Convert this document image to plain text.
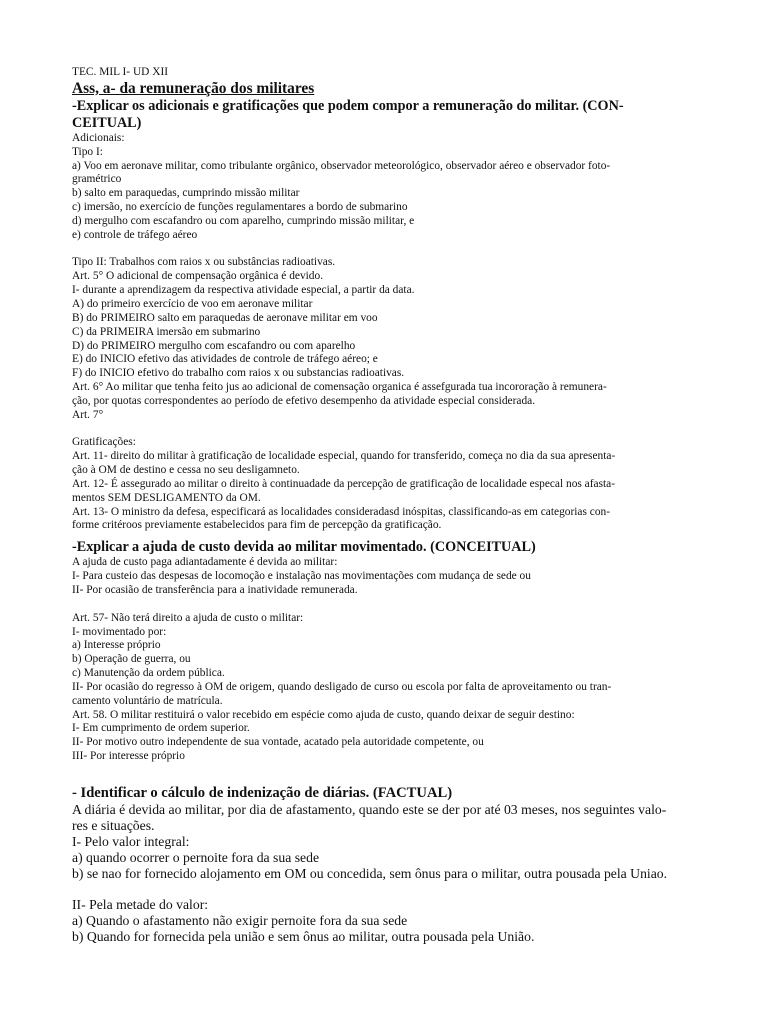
TEC. MIL I- UD XII
Ass, a- da remuneração dos militares
-Explicar os adicionais e gratificações que podem compor a remuneração do militar. (CON-
CEITUAL)
Adicionais:
Tipo I:
a) Voo em aeronave militar, como tribulante orgânico, observador meteorológico, observador aéreo e observador foto-
gramétrico
b) salto em paraquedas, cumprindo missão militar
c) imersão, no exercício de funções regulamentares a bordo de submarino
d) mergulho com escafandro ou com aparelho, cumprindo missão militar, e
e) controle de tráfego aéreo
Tipo II: Trabalhos com raios x ou substâncias radioativas.
Art. 5° O adicional de compensação orgânica é devido.
I- durante a aprendizagem da respectiva atividade especial, a partir da data.
A) do primeiro exercício de voo em aeronave militar
B) do PRIMEIRO salto em paraquedas de aeronave militar em voo
C) da PRIMEIRA imersão em submarino
D) do PRIMEIRO mergulho com escafandro ou com aparelho
E) do INICIO efetivo das atividades de controle de tráfego aéreo; e
F) do INICIO efetivo do trabalho com raios x ou substancias radioativas.
Art. 6° Ao militar que tenha feito jus ao adicional de comensação organica é assefgurada tua incororação à remunera-
ção, por quotas correspondentes ao período de efetivo desempenho da atividade especial considerada.
Art. 7°
Gratificações:
Art. 11- direito do militar à gratificação de localidade especial, quando for transferido, começa no dia da sua apresenta-
ção à OM de destino e cessa no seu desligamneto.
Art. 12- É assegurado ao militar o direito à continuadade da percepção de gratificação de localidade especal nos afasta-
mentos SEM DESLIGAMENTO da OM.
Art. 13- O ministro da defesa, especificará as localidades consideradasd inóspitas, classificando-as em categorias con-
forme critéroos previamente estabelecidos para fim de percepção da gratificação.
-Explicar a ajuda de custo devida ao militar movimentado. (CONCEITUAL)
A ajuda de custo paga adiantadamente é devida ao militar:
I- Para custeio das despesas de locomoção e instalação nas movimentações com mudança de sede ou
II- Por ocasião de transferência para a inatividade remunerada.
Art. 57- Não terá direito a ajuda de custo o militar:
I- movimentado por:
a) Interesse próprio
b) Operação de guerra, ou
c) Manutenção da ordem pública.
II- Por ocasião do regresso à OM de origem, quando desligado de curso ou escola por falta de aproveitamento ou tran-
camento voluntário de matrícula.
Art. 58. O militar restituirá o valor recebido em espécie como ajuda de custo, quando deixar de seguir destino:
I- Em cumprimento de ordem superior.
II- Por motivo outro independente de sua vontade, acatado pela autoridade competente, ou
III- Por interesse próprio
- Identificar o cálculo de indenização de diárias. (FACTUAL)
A diária é devida ao militar, por dia de afastamento, quando este se der por até 03 meses, nos seguintes valo-
res e situações.
I- Pelo valor integral:
a) quando ocorrer o pernoite fora da sua sede
b) se nao for fornecido alojamento em OM ou concedida, sem ônus para o militar, outra pousada pela Uniao.
II- Pela metade do valor:
a) Quando o afastamento não exigir pernoite fora da sua sede
b) Quando for fornecida pela união e sem ônus ao militar, outra pousada pela União.
